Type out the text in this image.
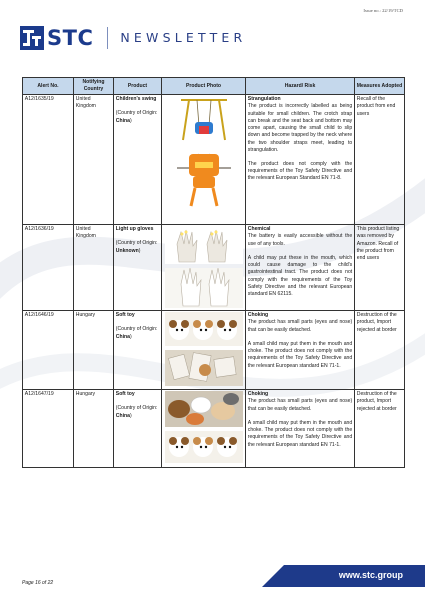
Issue no.: 22/19/TCD
STC NEWSLETTER
Alert No.	Notifying Country	Product	Product Photo	Hazard/ Risk	Measures Adopted
A12/1635/19	United Kingdom	Children's swing
(Country of Origin: China)		Strangulation
The product is incorrectly labelled as being suitable for small children. The crotch strap can break and the seat back and bottom may come apart, causing the small child to slip down and become trapped by the neck where the two shoulder straps meet, leading to strangulation.
The product does not comply with the requirements of the Toy Safety Directive and the relevant European Standard EN 71-8.	Recall of the product from end users
A12/1636/19	United Kingdom	Light up gloves
(Country of Origin: Unknown)		Chemical
The battery is easily accessible without the use of any tools.
A child may put these in the mouth, which could cause damage to the child's gastrointestinal tract. The product does not comply with the requirements of the Toy Safety Directive and the relevant European standard EN 62115.	This product listing was removed by Amazon. Recall of the product from end users
A12/1646/19	Hungary	Soft toy
(Country of Origin: China)		Choking
The product has small parts (eyes and nose) that can be easily detached.
A small child may put them in the mouth and choke. The product does not comply with the requirements of the Toy Safety Directive and the relevant European standard EN 71-1.	Destruction of the product, Import rejected at border
A12/1647/19	Hungary	Soft toy
(Country of Origin: China)		Choking
The product has small parts (eyes and nose) that can be easily detached.
A small child may put them in the mouth and choke. The product does not comply with the requirements of the Toy Safety Directive and the relevant European standard EN 71-1.	Destruction of the product, Import rejected at border
www.stc.group
Page 16 of 22
